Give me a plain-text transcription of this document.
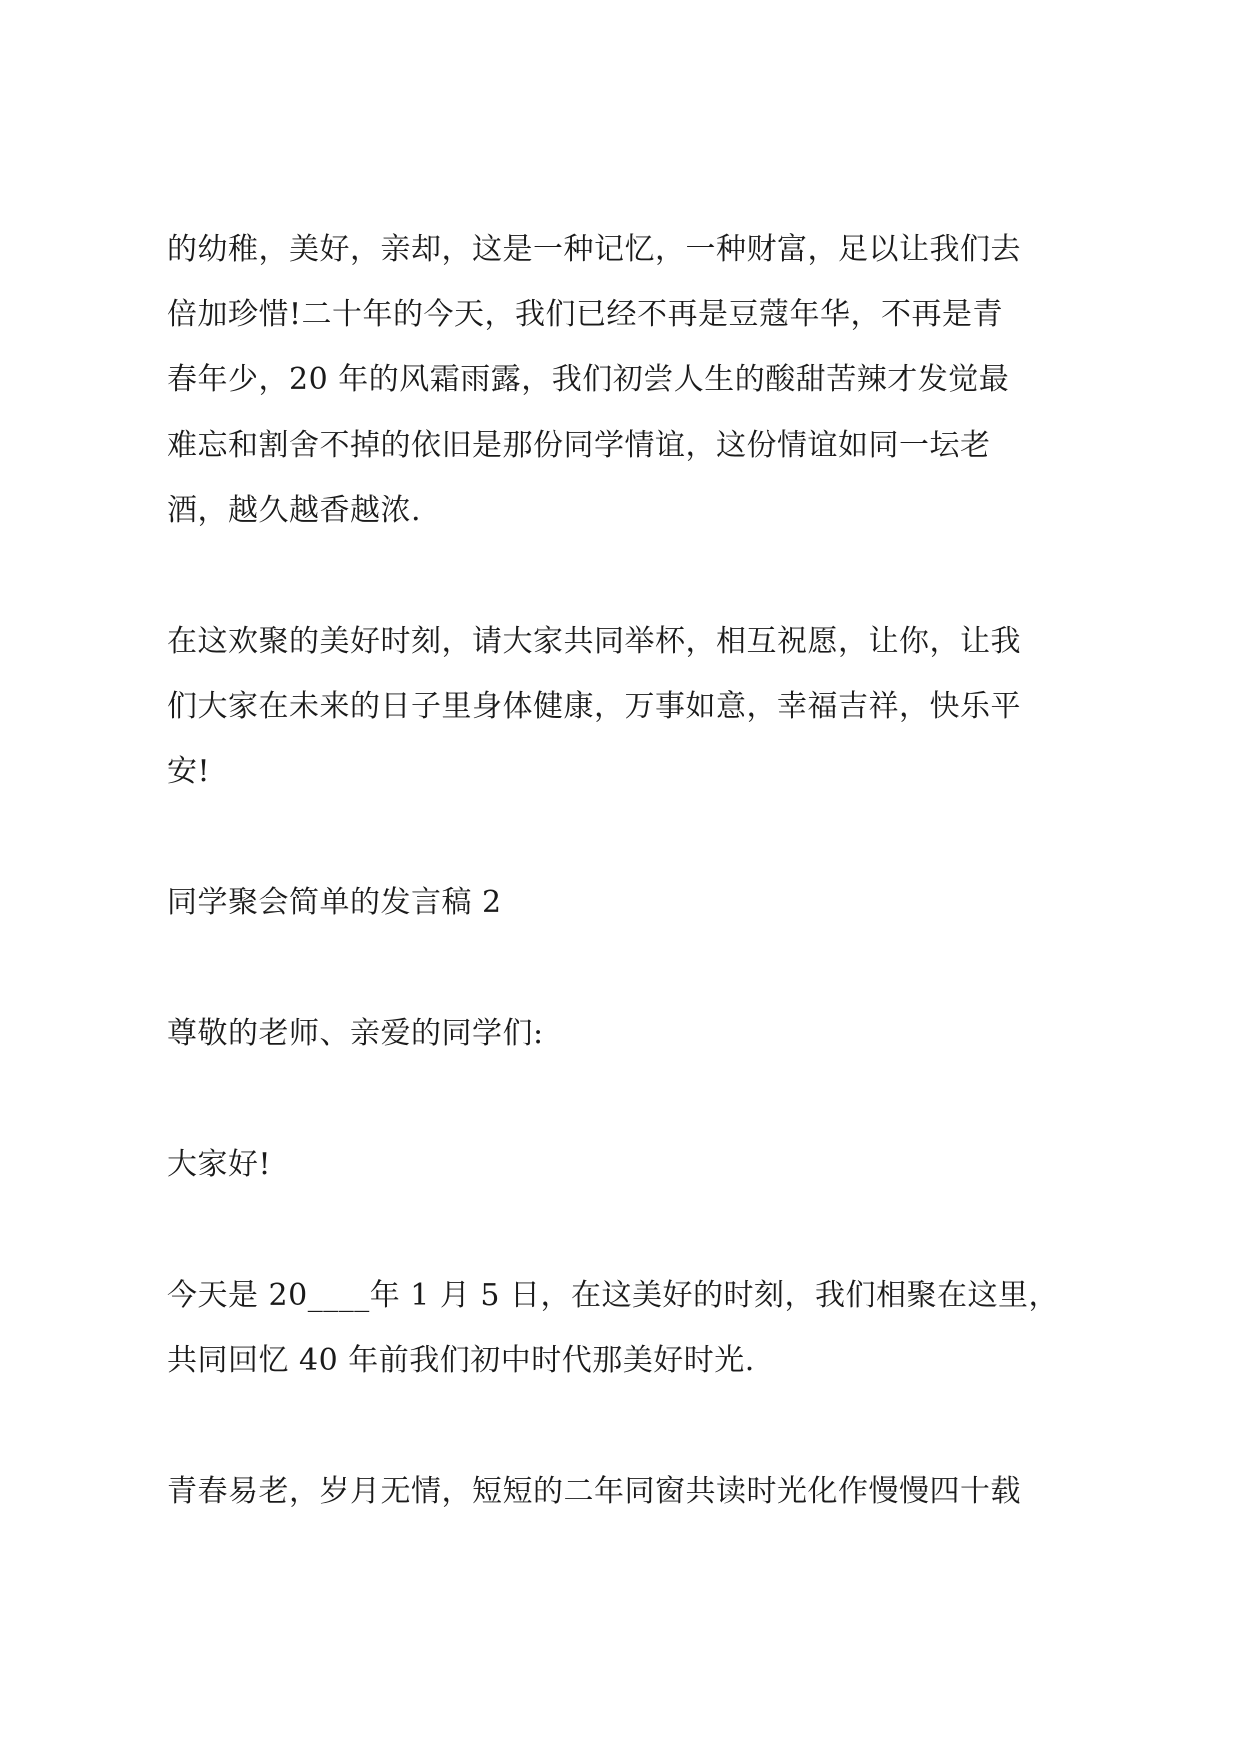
的幼稚，美好，亲却，这是一种记忆，一种财富，足以让我们去
倍加珍惜!二十年的今天，我们已经不再是豆蔻年华，不再是青
春年少，20 年的风霜雨露，我们初尝人生的酸甜苦辣才发觉最
难忘和割舍不掉的依旧是那份同学情谊，这份情谊如同一坛老
酒，越久越香越浓.
在这欢聚的美好时刻，请大家共同举杯，相互祝愿，让你，让我
们大家在未来的日子里身体健康，万事如意，幸福吉祥，快乐平
安!
同学聚会简单的发言稿 2
尊敬的老师、亲爱的同学们:
大家好!
今天是 20____年 1 月 5 日，在这美好的时刻，我们相聚在这里，
共同回忆 40 年前我们初中时代那美好时光.
青春易老，岁月无情，短短的二年同窗共读时光化作慢慢四十载
